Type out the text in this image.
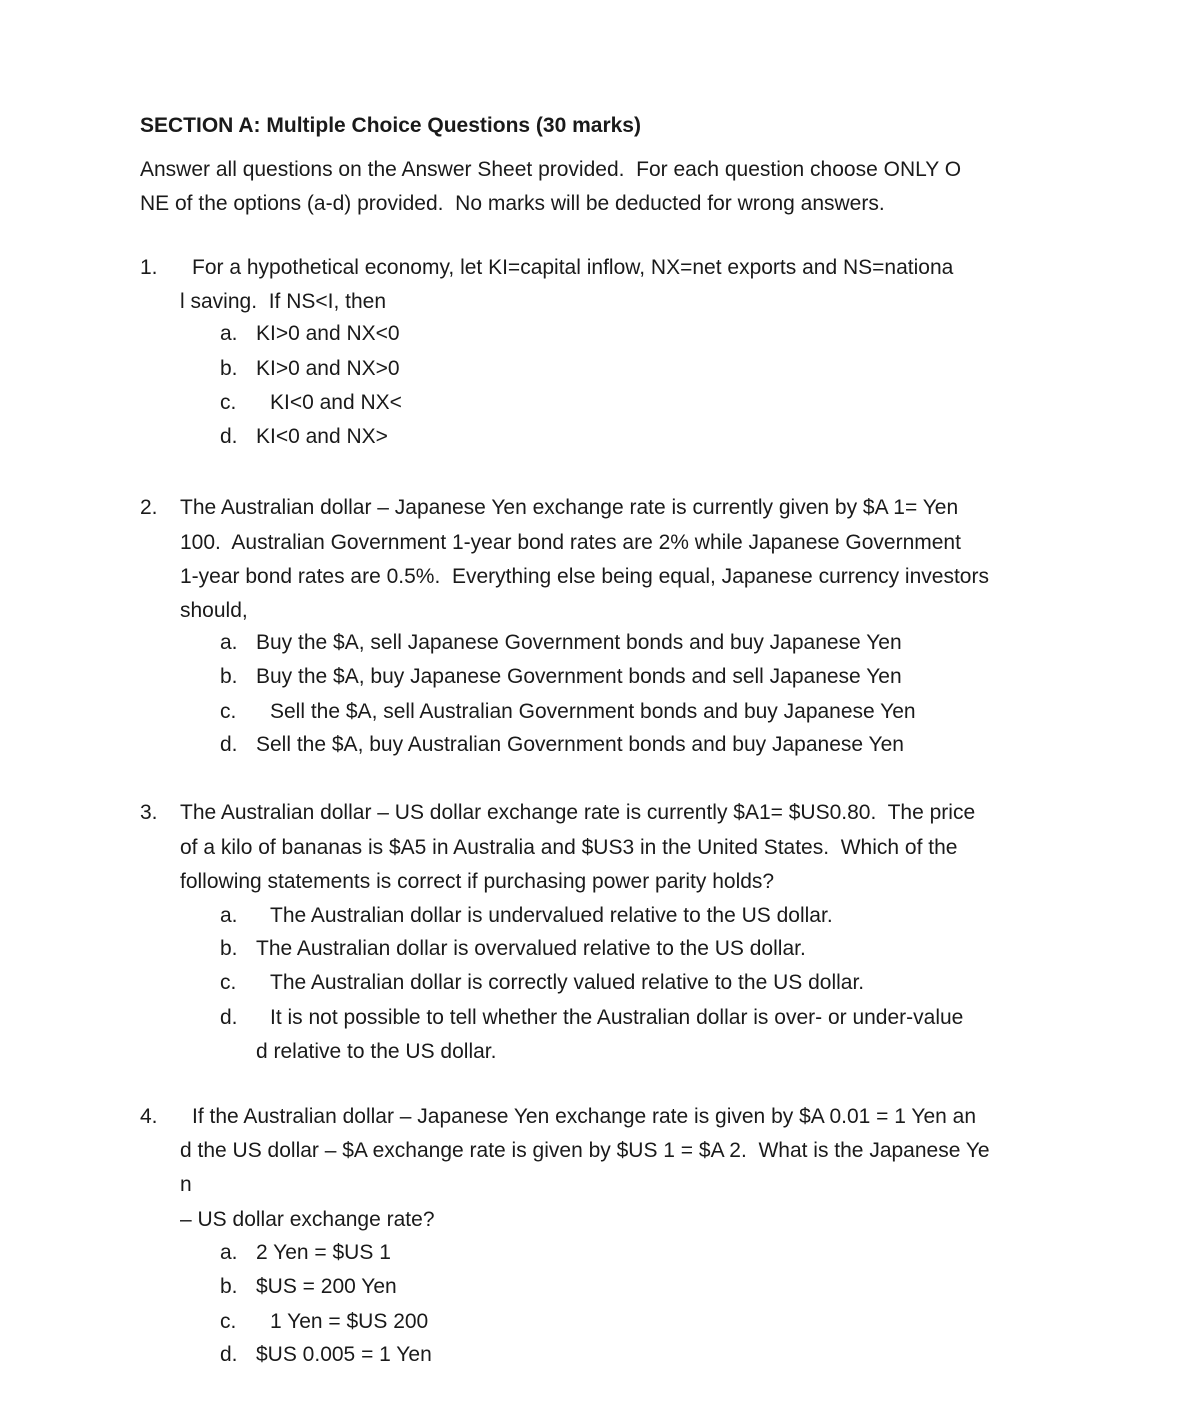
SECTION A: Multiple Choice Questions (30 marks)
Answer all questions on the Answer Sheet provided.  For each question choose ONLY O
NE of the options (a-d) provided.  No marks will be deducted for wrong answers.
1. For a hypothetical economy, let KI=capital inflow, NX=net exports and NS=nationa
l saving.  If NS<I, then
a. KI>0 and NX<0
b. KI>0 and NX>0
c. KI<0 and NX<
d. KI<0 and NX>
2. The Australian dollar – Japanese Yen exchange rate is currently given by $A 1= Yen
100.  Australian Government 1-year bond rates are 2% while Japanese Government
1-year bond rates are 0.5%.  Everything else being equal, Japanese currency investors
should,
a. Buy the $A, sell Japanese Government bonds and buy Japanese Yen
b. Buy the $A, buy Japanese Government bonds and sell Japanese Yen
c. Sell the $A, sell Australian Government bonds and buy Japanese Yen
d. Sell the $A, buy Australian Government bonds and buy Japanese Yen
3. The Australian dollar – US dollar exchange rate is currently $A1= $US0.80.  The price
of a kilo of bananas is $A5 in Australia and $US3 in the United States.  Which of the
following statements is correct if purchasing power parity holds?
a. The Australian dollar is undervalued relative to the US dollar.
b. The Australian dollar is overvalued relative to the US dollar.
c. The Australian dollar is correctly valued relative to the US dollar.
d. It is not possible to tell whether the Australian dollar is over- or under-value
d relative to the US dollar.
4. If the Australian dollar – Japanese Yen exchange rate is given by $A 0.01 = 1 Yen an
d the US dollar – $A exchange rate is given by $US 1 = $A 2.  What is the Japanese Ye
n
– US dollar exchange rate?
a. 2 Yen = $US 1
b. $US = 200 Yen
c. 1 Yen = $US 200
d. $US 0.005 = 1 Yen
